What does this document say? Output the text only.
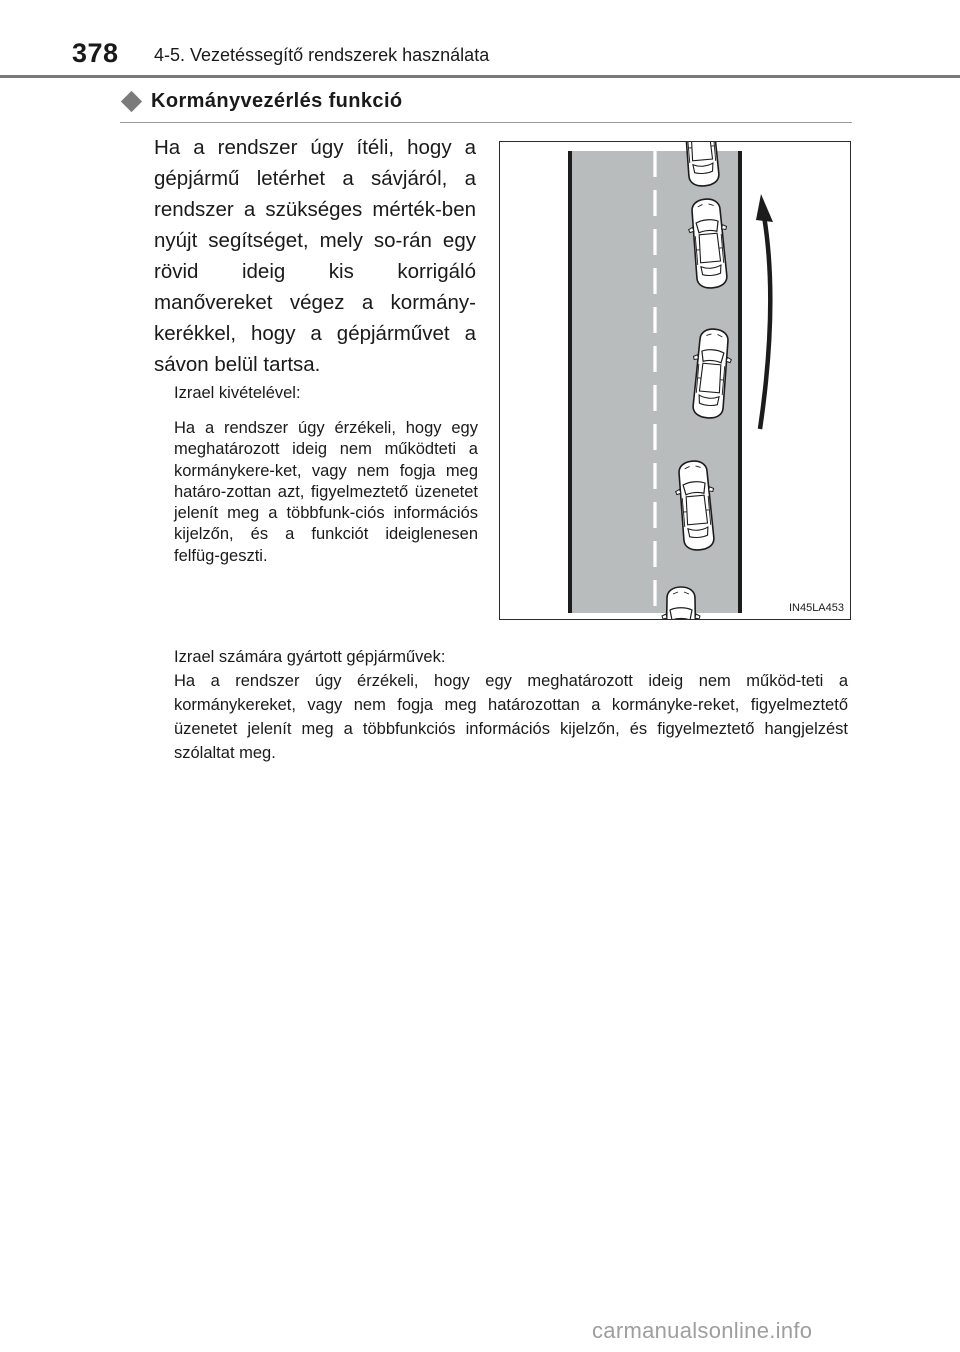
378 4-5. Vezetéssegítő rendszerek használata
Kormányvezérlés funkció

Ha a rendszer úgy ítéli, hogy a gépjármű letérhet a sávjáról, a rendszer a szükséges mérték-ben nyújt segítséget, mely so-rán egy rövid ideig kis korrigáló manővereket végez a kormány-kerékkel, hogy a gépjárművet a sávon belül tartsa.

Izrael kivételével:

Ha a rendszer úgy érzékeli, hogy egy meghatározott ideig nem működteti a kormánykere-ket, vagy nem fogja meg határo-zottan azt, figyelmeztető üzenetet jelenít meg a többfunk-ciós információs kijelzőn, és a funkciót ideiglenesen felfüg-geszti.

IN45LA453

Izrael számára gyártott gépjárművek:

Ha a rendszer úgy érzékeli, hogy egy meghatározott ideig nem működ-teti a kormánykereket, vagy nem fogja meg határozottan a kormányke-reket, figyelmeztető üzenetet jelenít meg a többfunkciós információs kijelzőn, és figyelmeztető hangjelzést szólaltat meg.

carmanualsonline.info
